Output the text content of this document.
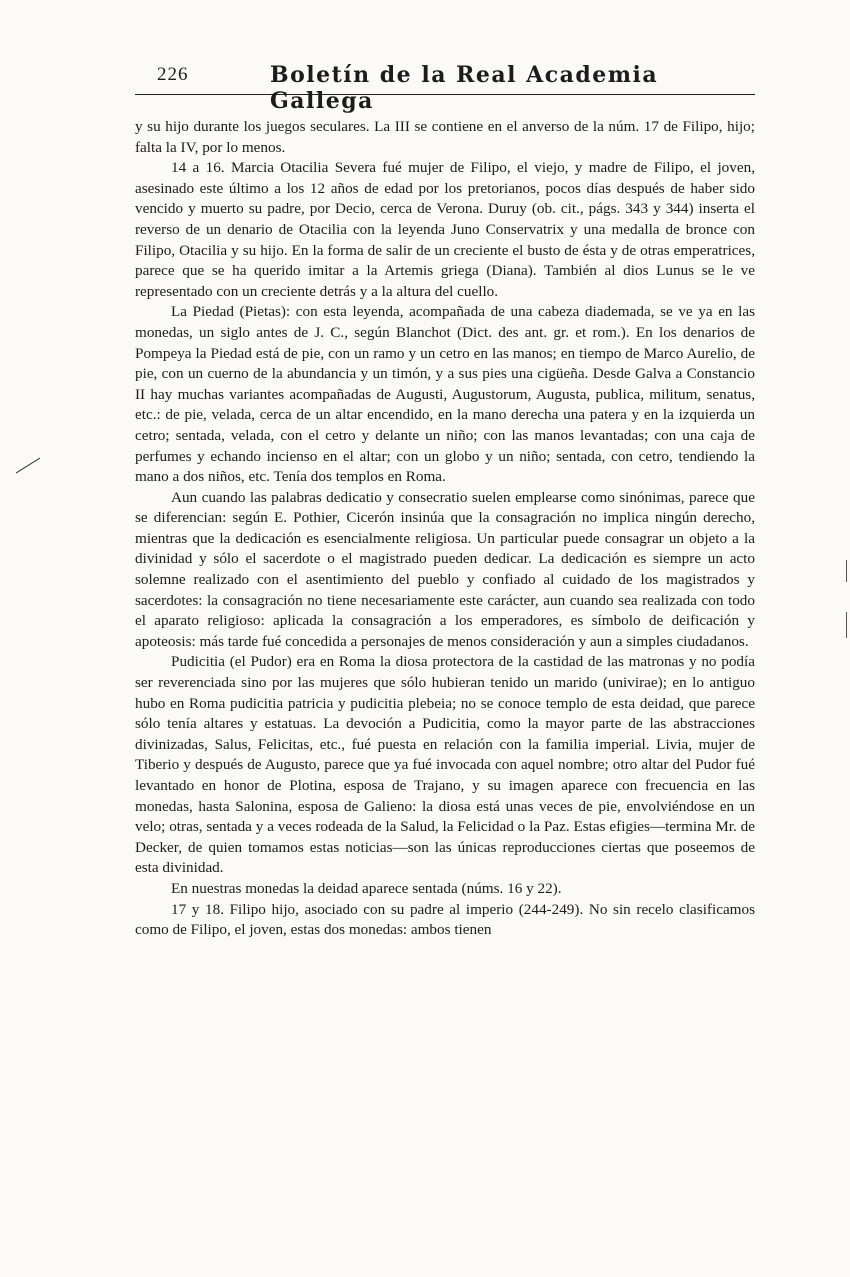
226	Boletín de la Real Academia Gallega

y su hijo durante los juegos seculares. La III se contiene en el anverso de la núm. 17 de Filipo, hijo; falta la IV, por lo menos.

14 a 16. Marcia Otacilia Severa fué mujer de Filipo, el viejo, y madre de Filipo, el joven, asesinado este último a los 12 años de edad por los pretorianos, pocos días después de haber sido vencido y muerto su padre, por Decio, cerca de Verona. Duruy (ob. cit., págs. 343 y 344) inserta el reverso de un denario de Otacilia con la leyenda Juno Conservatrix y una medalla de bronce con Filipo, Otacilia y su hijo. En la forma de salir de un creciente el busto de ésta y de otras emperatrices, parece que se ha querido imitar a la Artemis griega (Diana). También al dios Lunus se le ve representado con un creciente detrás y a la altura del cuello.

La Piedad (Pietas): con esta leyenda, acompañada de una cabeza diademada, se ve ya en las monedas, un siglo antes de J. C., según Blanchot (Dict. des ant. gr. et rom.). En los denarios de Pompeya la Piedad está de pie, con un ramo y un cetro en las manos; en tiempo de Marco Aurelio, de pie, con un cuerno de la abundancia y un timón, y a sus pies una cigüeña. Desde Galva a Constancio II hay muchas variantes acompañadas de Augusti, Augustorum, Augusta, publica, militum, senatus, etc.: de pie, velada, cerca de un altar encendido, en la mano derecha una patera y en la izquierda un cetro; sentada, velada, con el cetro y delante un niño; con las manos levantadas; con una caja de perfumes y echando incienso en el altar; con un globo y un niño; sentada, con cetro, tendiendo la mano a dos niños, etc. Tenía dos templos en Roma.

Aun cuando las palabras dedicatio y consecratio suelen emplearse como sinónimas, parece que se diferencian: según E. Pothier, Cicerón insinúa que la consagración no implica ningún derecho, mientras que la dedicación es esencialmente religiosa. Un particular puede consagrar un objeto a la divinidad y sólo el sacerdote o el magistrado pueden dedicar. La dedicación es siempre un acto solemne realizado con el asentimiento del pueblo y confiado al cuidado de los magistrados y sacerdotes: la consagración no tiene necesariamente este carácter, aun cuando sea realizada con todo el aparato religioso: aplicada la consagración a los emperadores, es símbolo de deificación y apoteosis: más tarde fué concedida a personajes de menos consideración y aun a simples ciudadanos.

Pudicitia (el Pudor) era en Roma la diosa protectora de la castidad de las matronas y no podía ser reverenciada sino por las mujeres que sólo hubieran tenido un marido (univirae); en lo antiguo hubo en Roma pudicitia patricia y pudicitia plebeia; no se conoce templo de esta deidad, que parece sólo tenía altares y estatuas. La devoción a Pudicitia, como la mayor parte de las abstracciones divinizadas, Salus, Felicitas, etc., fué puesta en relación con la familia imperial. Livia, mujer de Tiberio y después de Augusto, parece que ya fué invocada con aquel nombre; otro altar del Pudor fué levantado en honor de Plotina, esposa de Trajano, y su imagen aparece con frecuencia en las monedas, hasta Salonina, esposa de Galieno: la diosa está unas veces de pie, envolviéndose en un velo; otras, sentada y a veces rodeada de la Salud, la Felicidad o la Paz. Estas efigies—termina Mr. de Decker, de quien tomamos estas noticias—son las únicas reproducciones ciertas que poseemos de esta divinidad.

En nuestras monedas la deidad aparece sentada (núms. 16 y 22).

17 y 18. Filipo hijo, asociado con su padre al imperio (244-249). No sin recelo clasificamos como de Filipo, el joven, estas dos monedas: ambos tienen
